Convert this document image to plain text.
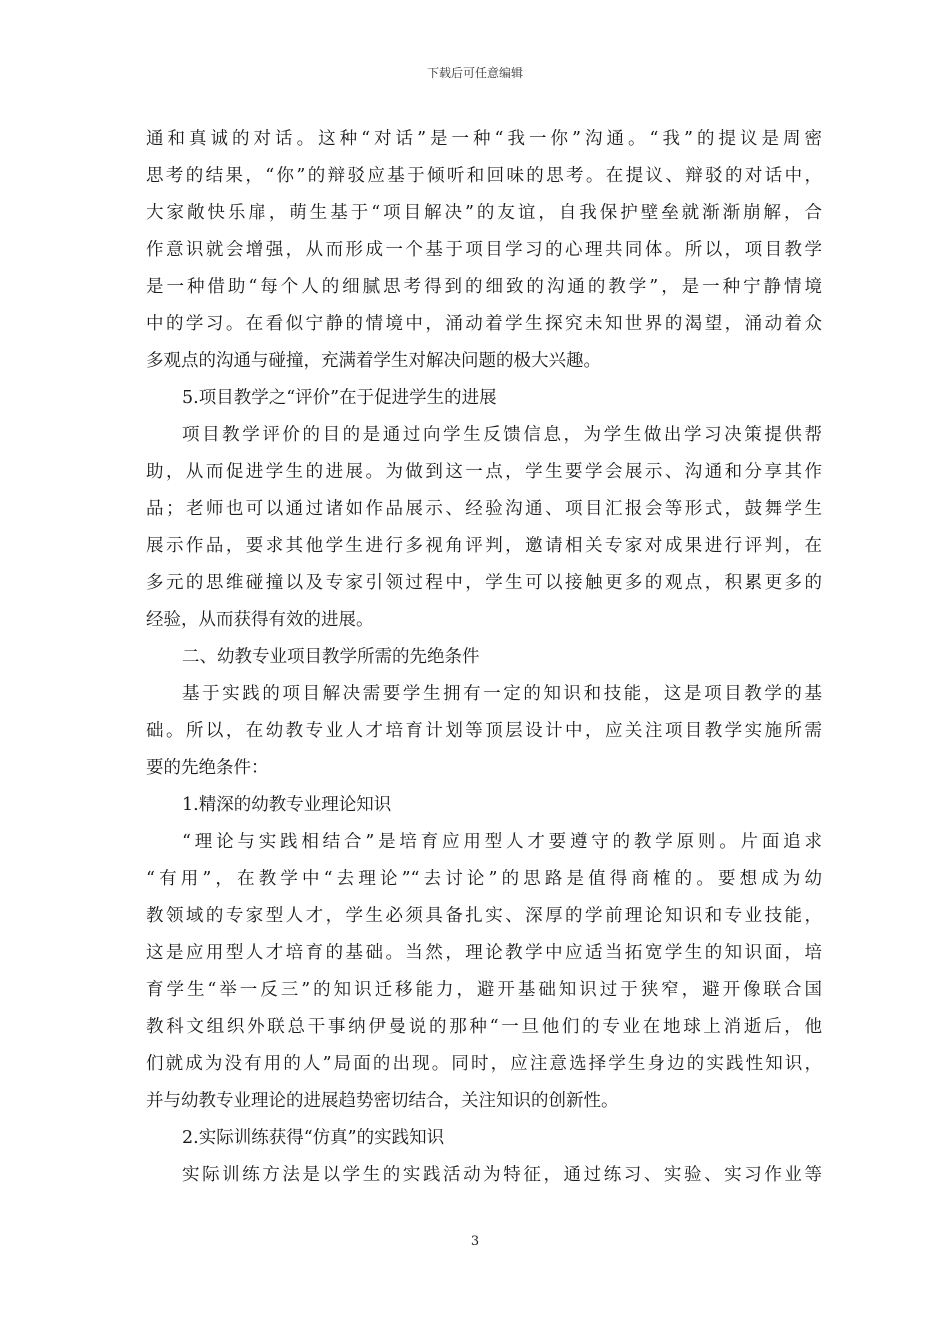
下载后可任意编辑
通和真诚的对话。这种“对话”是一种“我一你”沟通。“我”的提议是周密
思考的结果，“你”的辩驳应基于倾听和回味的思考。在提议、辩驳的对话中，
大家敞快乐扉，萌生基于“项目解决”的友谊，自我保护壁垒就渐渐崩解，合
作意识就会增强，从而形成一个基于项目学习的心理共同体。所以，项目教学
是一种借助“每个人的细腻思考得到的细致的沟通的教学”，是一种宁静情境
中的学习。在看似宁静的情境中，涌动着学生探究未知世界的渴望，涌动着众
多观点的沟通与碰撞，充满着学生对解决问题的极大兴趣。
5.项目教学之“评价”在于促进学生的进展
项目教学评价的目的是通过向学生反馈信息，为学生做出学习决策提供帮
助，从而促进学生的进展。为做到这一点，学生要学会展示、沟通和分享其作
品；老师也可以通过诸如作品展示、经验沟通、项目汇报会等形式，鼓舞学生
展示作品，要求其他学生进行多视角评判，邀请相关专家对成果进行评判，在
多元的思维碰撞以及专家引领过程中，学生可以接触更多的观点，积累更多的
经验，从而获得有效的进展。
二、幼教专业项目教学所需的先绝条件
基于实践的项目解决需要学生拥有一定的知识和技能，这是项目教学的基
础。所以，在幼教专业人才培育计划等顶层设计中，应关注项目教学实施所需
要的先绝条件：
1.精深的幼教专业理论知识
“理论与实践相结合”是培育应用型人才要遵守的教学原则。片面追求
“有用”，在教学中“去理论”“去讨论”的思路是值得商榷的。要想成为幼
教领域的专家型人才，学生必须具备扎实、深厚的学前理论知识和专业技能，
这是应用型人才培育的基础。当然，理论教学中应适当拓宽学生的知识面，培
育学生“举一反三”的知识迁移能力，避开基础知识过于狭窄，避开像联合国
教科文组织外联总干事纳伊曼说的那种“一旦他们的专业在地球上消逝后，他
们就成为没有用的人”局面的出现。同时，应注意选择学生身边的实践性知识，
并与幼教专业理论的进展趋势密切结合，关注知识的创新性。
2.实际训练获得“仿真”的实践知识
实际训练方法是以学生的实践活动为特征，通过练习、实验、实习作业等
3
